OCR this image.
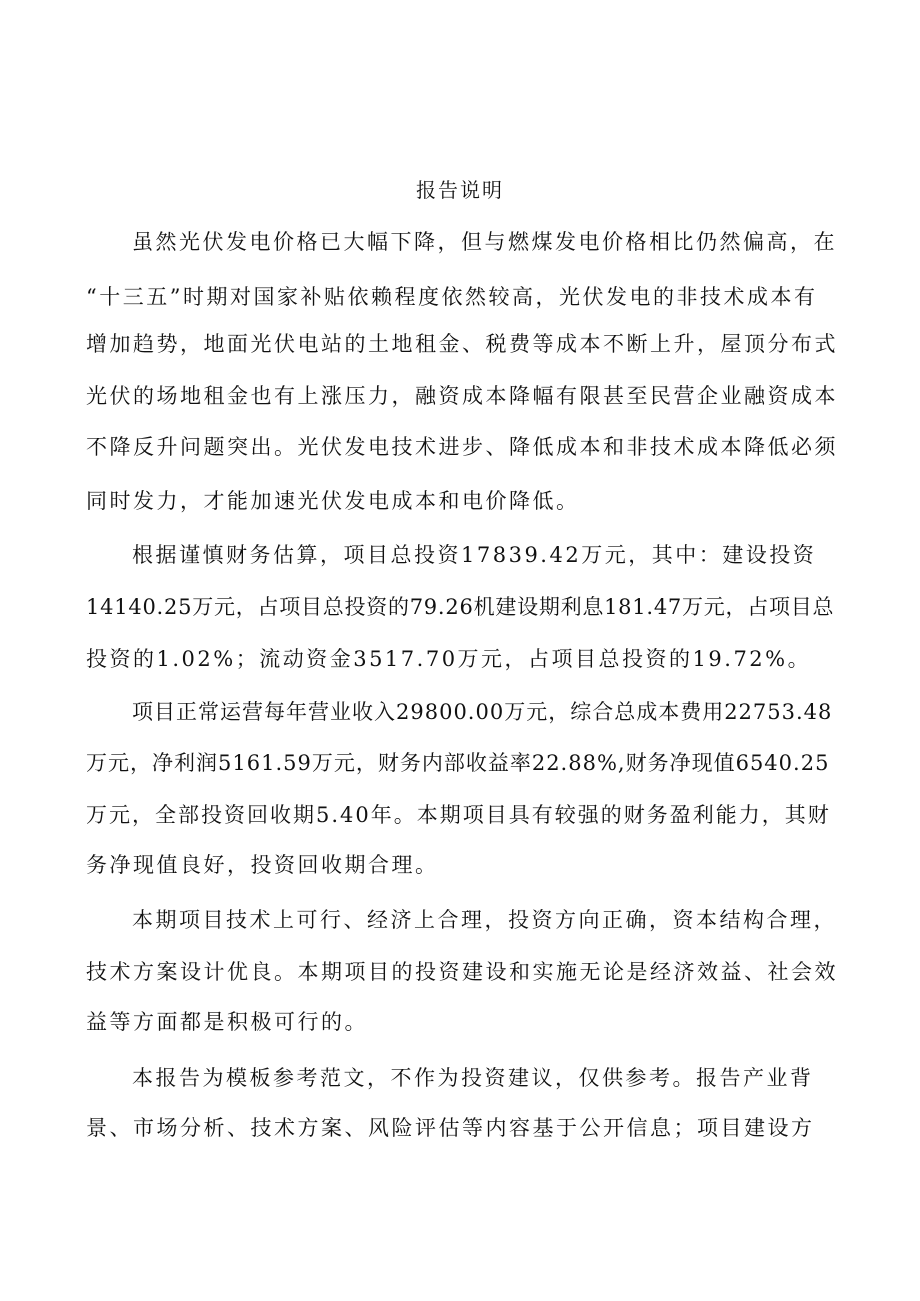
报告说明
虽然光伏发电价格已大幅下降，但与燃煤发电价格相比仍然偏高，在
“十三五”时期对国家补贴依赖程度依然较高，光伏发电的非技术成本有
增加趋势，地面光伏电站的土地租金、税费等成本不断上升，屋顶分布式
光伏的场地租金也有上涨压力，融资成本降幅有限甚至民营企业融资成本
不降反升问题突出。光伏发电技术进步、降低成本和非技术成本降低必须
同时发力，才能加速光伏发电成本和电价降低。
根据谨慎财务估算，项目总投资17839.42万元，其中：建设投资
14140.25万元，占项目总投资的79.26机建设期利息181.47万元，占项目总
投资的1.02%；流动资金3517.70万元，占项目总投资的19.72%。
项目正常运营每年营业收入29800.00万元，综合总成本费用22753.48
万元，净利润5161.59万元，财务内部收益率22.88%,财务净现值6540.25
万元，全部投资回收期5.40年。本期项目具有较强的财务盈利能力，其财
务净现值良好，投资回收期合理。
本期项目技术上可行、经济上合理，投资方向正确，资本结构合理，
技术方案设计优良。本期项目的投资建设和实施无论是经济效益、社会效
益等方面都是积极可行的。
本报告为模板参考范文，不作为投资建议，仅供参考。报告产业背
景、市场分析、技术方案、风险评估等内容基于公开信息；项目建设方
